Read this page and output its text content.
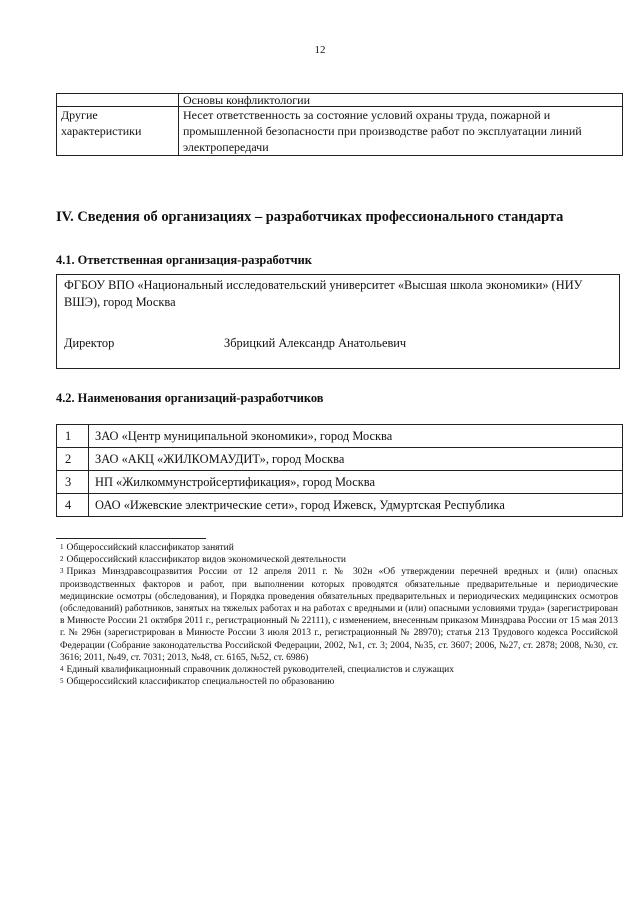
12
	Основы конфликтологии
Другие характеристики	Несет ответственность за состояние условий охраны труда, пожарной и промышленной безопасности при производстве работ по эксплуатации линий электропередачи
IV. Сведения об организациях – разработчиках профессионального стандарта
4.1. Ответственная организация-разработчик
ФГБОУ ВПО «Национальный исследовательский университет «Высшая школа экономики» (НИУ ВШЭ), город Москва
Директор	Збрицкий Александр Анатольевич
4.2. Наименования организаций-разработчиков
1	ЗАО «Центр муниципальной экономики», город Москва
2	ЗАО «АКЦ «ЖИЛКОМАУДИТ», город Москва
3	НП «Жилкоммунстройсертификация», город Москва
4	ОАО «Ижевские электрические сети», город Ижевск, Удмуртская Республика

$^1$ Общероссийский классификатор занятий

$^2$ Общероссийский классификатор видов экономической деятельности

$^3$ Приказ Минздравсоцразвития России от 12 апреля 2011 г. № 302н «Об утверждении перечней вредных и (или) опасных производственных факторов и работ, при выполнении которых проводятся обязательные предварительные и периодические медицинские осмотры (обследования), и Порядка проведения обязательных предварительных и периодических медицинских осмотров (обследований) работников, занятых на тяжелых работах и на работах с вредными и (или) опасными условиями труда» (зарегистрирован в Минюсте России 21 октября 2011 г., регистрационный № 22111), с изменением, внесенным приказом Минздрава России от 15 мая 2013 г. № 296н (зарегистрирован в Минюсте России 3 июля 2013 г., регистрационный № 28970); статья 213 Трудового кодекса Российской Федерации (Собрание законодательства Российской Федерации, 2002, №1, ст. 3; 2004, №35, ст. 3607; 2006, №27, ст. 2878; 2008, №30, ст. 3616; 2011, №49, ст. 7031; 2013, №48, ст. 6165, №52, ст. 6986)

$^4$ Единый квалификационный справочник должностей руководителей, специалистов и служащих

$^5$ Общероссийский классификатор специальностей по образованию
